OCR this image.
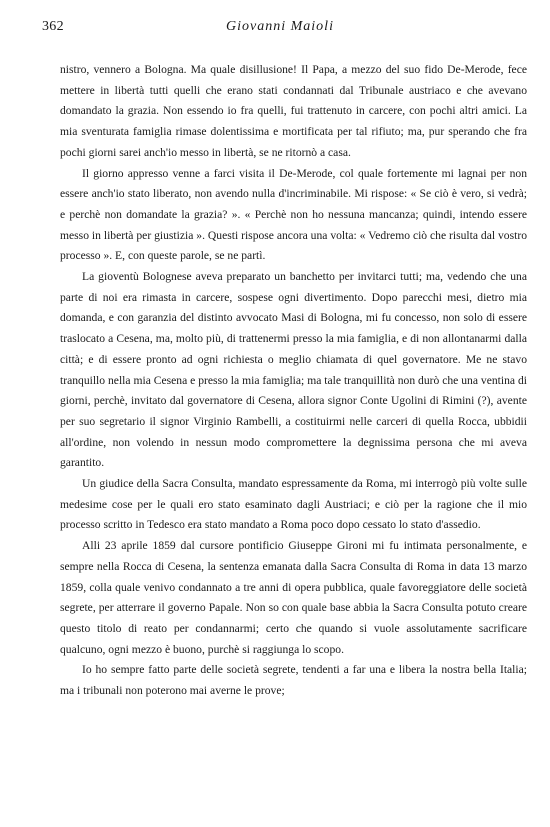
362	Giovanni Maioli

nistro, vennero a Bologna. Ma quale disillusione! Il Papa, a mezzo del suo fido De-Merode, fece mettere in libertà tutti quelli che erano stati condannati dal Tribunale austriaco e che avevano domandato la grazia. Non essendo io fra quelli, fui trattenuto in carcere, con pochi altri amici. La mia sventurata famiglia rimase dolentissima e mortificata per tal rifiuto; ma, pur sperando che fra pochi giorni sarei anch'io messo in libertà, se ne ritornò a casa.

Il giorno appresso venne a farci visita il De-Merode, col quale fortemente mi lagnai per non essere anch'io stato liberato, non avendo nulla d'incriminabile. Mi rispose: « Se ciò è vero, si vedrà; e perchè non domandate la grazia? ». « Perchè non ho nessuna mancanza; quindi, intendo essere messo in libertà per giustizia ». Questi rispose ancora una volta: « Vedremo ciò che risulta dal vostro processo ». E, con queste parole, se ne partì.

La gioventù Bolognese aveva preparato un banchetto per invitarci tutti; ma, vedendo che una parte di noi era rimasta in carcere, sospese ogni divertimento. Dopo parecchi mesi, dietro mia domanda, e con garanzia del distinto avvocato Masi di Bologna, mi fu concesso, non solo di essere traslocato a Cesena, ma, molto più, di trattenermi presso la mia famiglia, e di non allontanarmi dalla città; e di essere pronto ad ogni richiesta o meglio chiamata di quel governatore. Me ne stavo tranquillo nella mia Cesena e presso la mia famiglia; ma tale tranquillità non durò che una ventina di giorni, perchè, invitato dal governatore di Cesena, allora signor Conte Ugolini di Rimini (?), avente per suo segretario il signor Virginio Rambelli, a costituirmi nelle carceri di quella Rocca, ubbidii all'ordine, non volendo in nessun modo compromettere la degnissima persona che mi aveva garantito.

Un giudice della Sacra Consulta, mandato espressamente da Roma, mi interrogò più volte sulle medesime cose per le quali ero stato esaminato dagli Austriaci; e ciò per la ragione che il mio processo scritto in Tedesco era stato mandato a Roma poco dopo cessato lo stato d'assedio.

Alli 23 aprile 1859 dal cursore pontificio Giuseppe Gironi mi fu intimata personalmente, e sempre nella Rocca di Cesena, la sentenza emanata dalla Sacra Consulta di Roma in data 13 marzo 1859, colla quale venivo condannato a tre anni di opera pubblica, quale favoreggiatore delle società segrete, per atterrare il governo Papale. Non so con quale base abbia la Sacra Consulta potuto creare questo titolo di reato per condannarmi; certo che quando si vuole assolutamente sacrificare qualcuno, ogni mezzo è buono, purchè si raggiunga lo scopo.

Io ho sempre fatto parte delle società segrete, tendenti a far una e libera la nostra bella Italia; ma i tribunali non poterono mai averne le prove;
